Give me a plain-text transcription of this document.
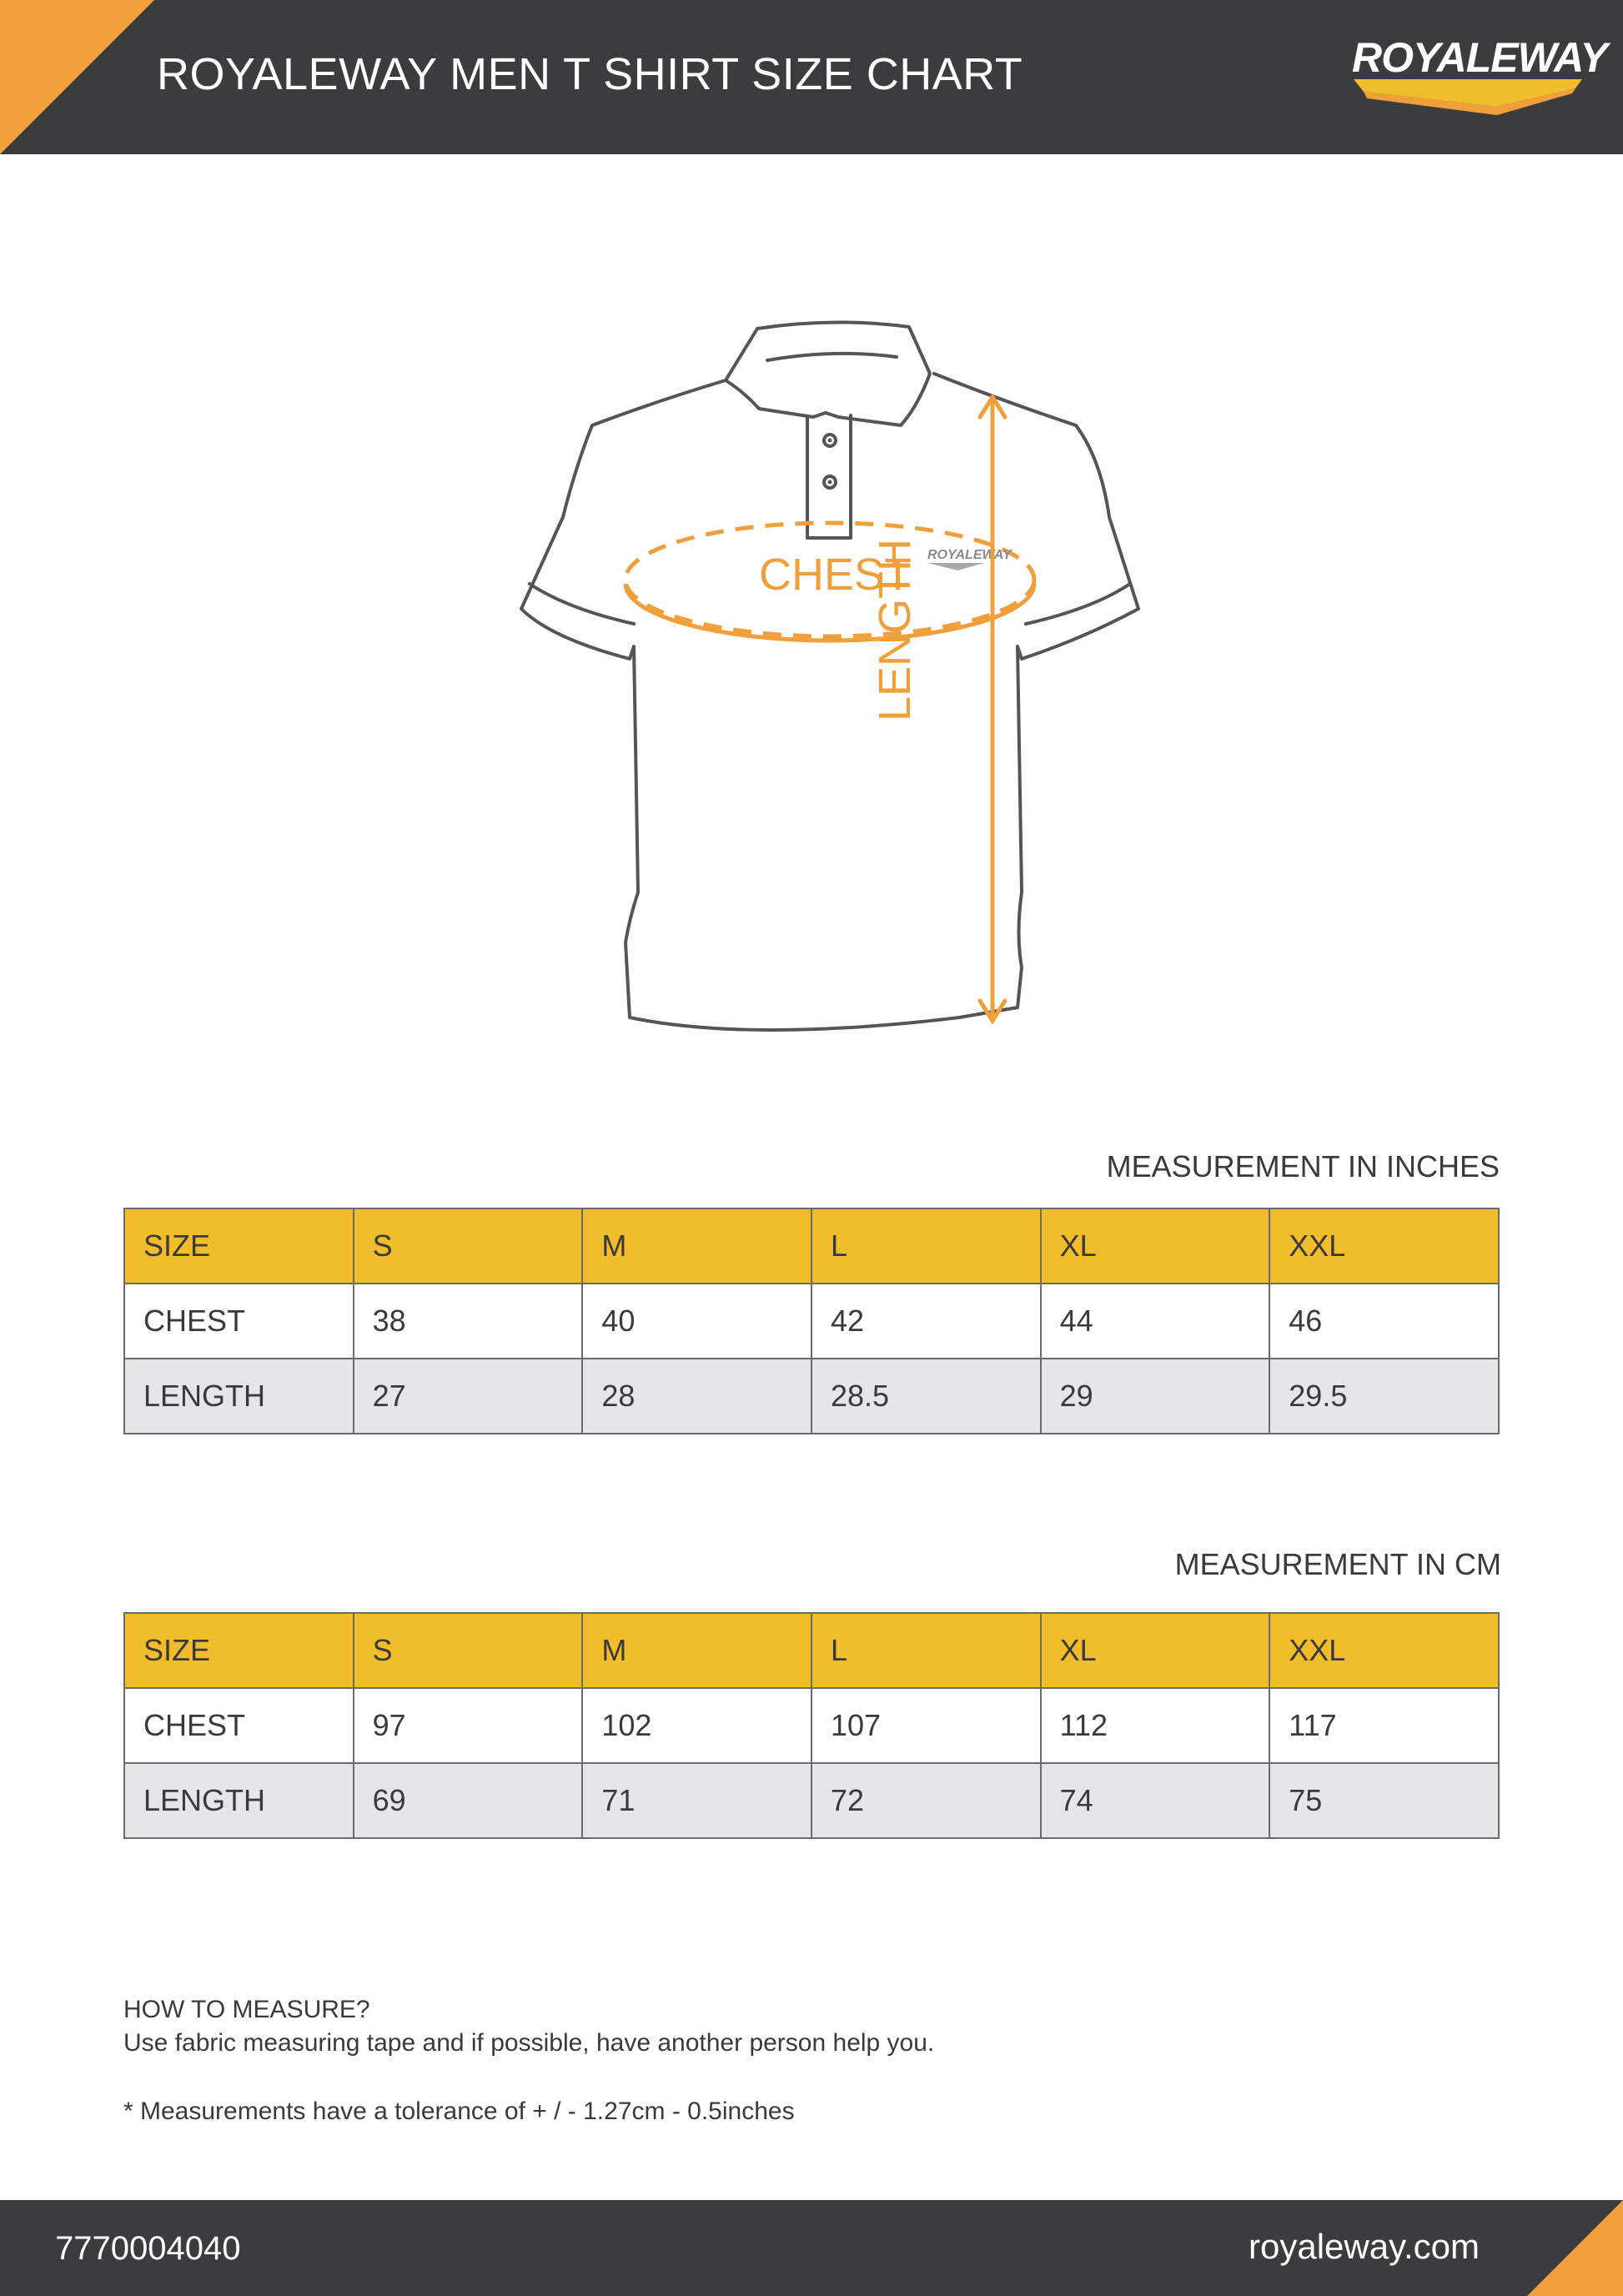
ROYALEWAY MEN T SHIRT SIZE CHART	ROYALEWAY
ROYALEWAY
CHEST
LENGTH
MEASUREMENT IN INCHES
SIZE	S	M	L	XL	XXL
CHEST	38	40	42	44	46
LENGTH	27	28	28.5	29	29.5
MEASUREMENT IN CM
SIZE	S	M	L	XL	XXL
CHEST	97	102	107	112	117
LENGTH	69	71	72	74	75
HOW TO MEASURE?
Use fabric measuring tape and if possible, have another person help you.
* Measurements have a tolerance of + / - 1.27cm - 0.5inches
7770004040	royaleway.com
